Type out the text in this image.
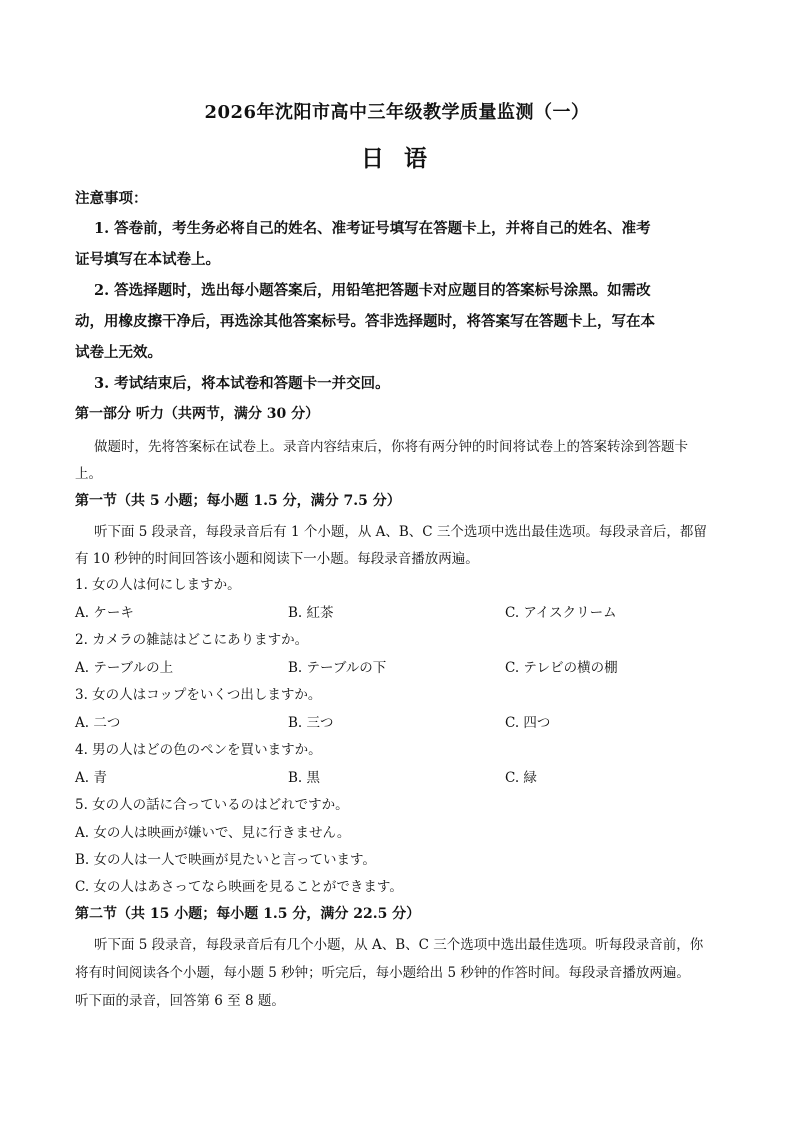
2026年沈阳市高中三年级教学质量监测（一）
日 语
注意事项：
1. 答卷前，考生务必将自己的姓名、准考证号填写在答题卡上，并将自己的姓名、准考
证号填写在本试卷上。
2. 答选择题时，选出每小题答案后，用铅笔把答题卡对应题目的答案标号涂黑。如需改
动，用橡皮擦干净后，再选涂其他答案标号。答非选择题时，将答案写在答题卡上，写在本
试卷上无效。
3. 考试结束后，将本试卷和答题卡一并交回。
第一部分 听力（共两节，满分 30 分）
做题时，先将答案标在试卷上。录音内容结束后，你将有两分钟的时间将试卷上的答案转涂到答题卡
上。
第一节（共 5 小题；每小题 1.5 分，满分 7.5 分）
听下面 5 段录音，每段录音后有 1 个小题，从 A、B、C 三个选项中选出最佳选项。每段录音后，都留
有 10 秒钟的时间回答该小题和阅读下一小题。每段录音播放两遍。
1. 女の人は何にしますか。
A. ケーキ	B. 紅茶	C. アイスクリーム
2. カメラの雑誌はどこにありますか。
A. テーブルの上	B. テーブルの下	C. テレビの横の棚
3. 女の人はコップをいくつ出しますか。
A. 二つ	B. 三つ	C. 四つ
4. 男の人はどの色のペンを買いますか。
A. 青	B. 黒	C. 緑
5. 女の人の話に合っているのはどれですか。
A. 女の人は映画が嫌いで、見に行きません。
B. 女の人は一人で映画が見たいと言っています。
C. 女の人はあさってなら映画を見ることができます。
第二节（共 15 小题；每小题 1.5 分，满分 22.5 分）
听下面 5 段录音，每段录音后有几个小题，从 A、B、C 三个选项中选出最佳选项。听每段录音前，你
将有时间阅读各个小题，每小题 5 秒钟；听完后，每小题给出 5 秒钟的作答时间。每段录音播放两遍。
听下面的录音，回答第 6 至 8 题。
